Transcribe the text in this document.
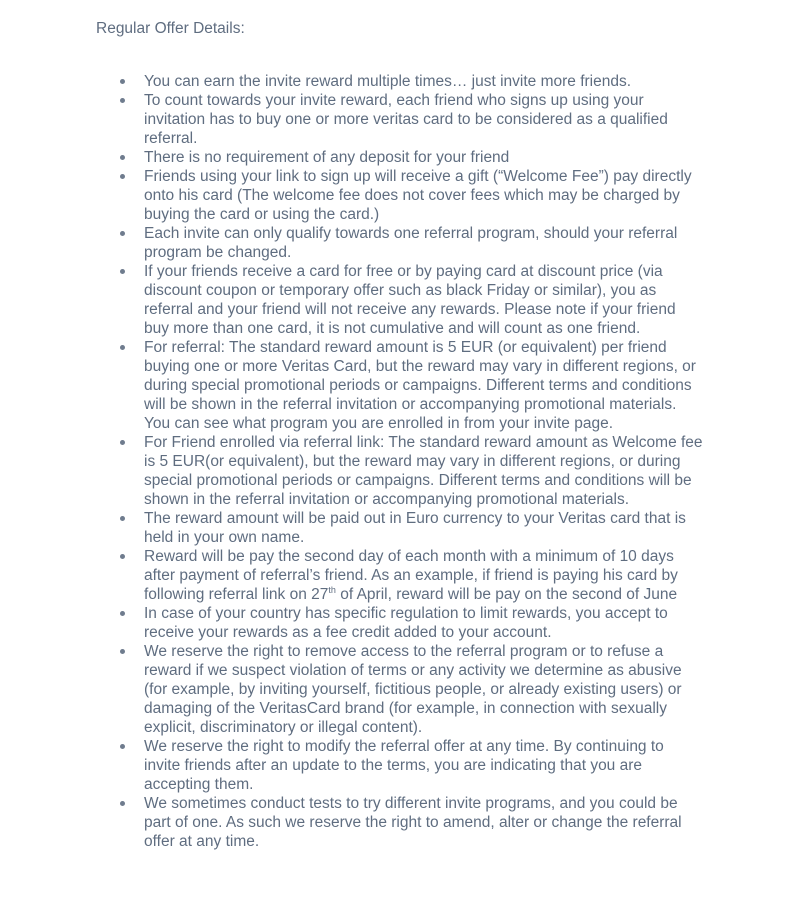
Regular Offer Details:
You can earn the invite reward multiple times… just invite more friends.
To count towards your invite reward, each friend who signs up using your invitation has to buy one or more veritas card to be considered as a qualified referral.
There is no requirement of any deposit for your friend
Friends using your link to sign up will receive a gift (“Welcome Fee”) pay directly onto his card (The welcome fee does not cover fees which may be charged by buying the card or using the card.)
Each invite can only qualify towards one referral program, should your referral program be changed.
If your friends receive a card for free or by paying card at discount price (via discount coupon or temporary offer such as black Friday or similar), you as referral and your friend will not receive any rewards. Please note if your friend buy more than one card, it is not cumulative and will count as one friend.
For referral: The standard reward amount is 5 EUR (or equivalent) per friend buying one or more Veritas Card, but the reward may vary in different regions, or during special promotional periods or campaigns. Different terms and conditions will be shown in the referral invitation or accompanying promotional materials. You can see what program you are enrolled in from your invite page.
For Friend enrolled via referral link: The standard reward amount as Welcome fee is 5 EUR(or equivalent), but the reward may vary in different regions, or during special promotional periods or campaigns. Different terms and conditions will be shown in the referral invitation or accompanying promotional materials.
The reward amount will be paid out in Euro currency to your Veritas card that is held in your own name.
Reward will be pay the second day of each month with a minimum of 10 days after payment of referral’s friend. As an example, if friend is paying his card by following referral link on 27th of April, reward will be pay on the second of June
In case of your country has specific regulation to limit rewards, you accept to receive your rewards as a fee credit added to your account.
We reserve the right to remove access to the referral program or to refuse a reward if we suspect violation of terms or any activity we determine as abusive (for example, by inviting yourself, fictitious people, or already existing users) or damaging of the VeritasCard brand (for example, in connection with sexually explicit, discriminatory or illegal content).
We reserve the right to modify the referral offer at any time. By continuing to invite friends after an update to the terms, you are indicating that you are accepting them.
We sometimes conduct tests to try different invite programs, and you could be part of one. As such we reserve the right to amend, alter or change the referral offer at any time.
